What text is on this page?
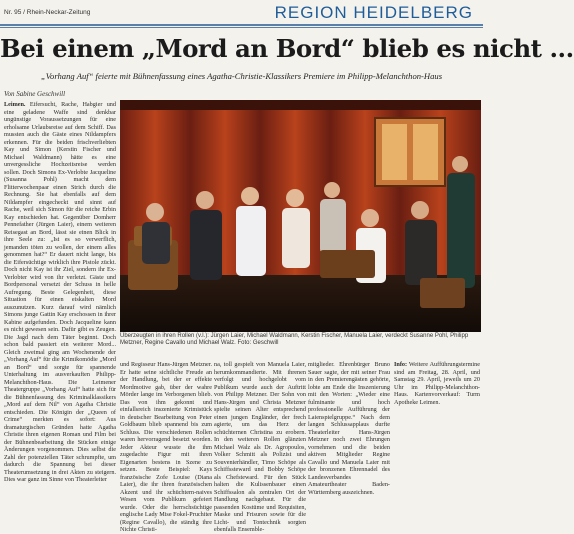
Nr. 95 / Rhein-Neckar-Zeitung	REGION HEIDELBERG
Bei einem „Mord an Bord“ blieb es nicht ...
„Vorhang Auf“ feierte mit Bühnenfassung eines Agatha-Christie-Klassikers Premiere im Philipp-Melanchthon-Haus
Von Sabine Geschwill

Leimen. Eifersucht, Rache, Habgier und eine geladene Waffe sind denkbar ungünstige Voraussetzungen für eine erholsame Urlaubsreise auf dem Schiff. Das mussten auch die Gäste eines Nildampfers erkennen. Für die beiden frischverliebten Kay und Simon (Kerstin Fischer und Michael Waldmann) hätte es eine unvergessliche Hochzeitsreise werden sollen. Doch Simons Ex-Verlobte Jacqueline (Susanna Pohl) macht dem Flitterwochenpaar einen Strich durch die Rechnung. Sie hat ebenfalls auf dem Nildampfer eingecheckt und sinnt auf Rache, weil sich Simon für die reiche Erbin Kay entschieden hat. Gegenüber Domherr Pennefather (Jürgen Laier), einem weiteren Reisegast an Bord, lässt sie einen Blick in ihre Seele zu: „Ist es so verwerflich, jemanden töten zu wollen, der einem alles genommen hat?“ Er dauert nicht lange, bis die Eifersüchtige wirklich ihre Pistole zückt. Doch nicht Kay ist ihr Ziel, sondern ihr Ex-Verlobter wird von ihr verletzt. Gäste und Bordpersonal versetzt der Schuss in helle Aufregung. Beste Gelegenheit, diese Situation für einen eiskalten Mord auszunutzen. Kurz darauf wird nämlich Simons junge Gattin Kay erschossen in ihrer Kabine aufgefunden. Doch Jacqueline kann es nicht gewesen sein. Dafür gibt es Zeugen. Die Jagd nach dem Täter beginnt. Doch schon bald passiert ein weiterer Mord... Gleich zweimal ging am Wochenende der „Vorhang Auf“ für die Krimikomödie „Mord an Bord“ und sorgte für spannende Unterhaltung im ausverkauften Philipp-Melanchthon-Haus. Die Leimener Theatergruppe „Vorhang Auf“ hatte sich für die Bühnenfassung des Kriminalklassikers „Mord auf dem Nil“ von Agatha Christie entschieden. Die Königin der „Queen of Crime“ merkten es sofort: Aus dramaturgischen Gründen hatte Agatha Christie ihren eigenen Roman und Film bei der Bühnenbearbeitung die Stücken einige Änderungen vorgenommen. Dies selbst die Zahl der potenziellen Täter schrumpfte, um dadurch die Spannung bei dieser Theaterumsetzung in drei Akten zu steigern. Dies war ganz im Sinne von Theaterleiter

Überzeugten in ihren Rollen (v.l.): Jürgen Laier, Michael Waldmann, Kerstin Fischer, Manuela Laier, verdeckt Susanne Pohl, Philipp Metzner, Regine Cavallo und Michael Walz. Foto: Geschwill

und Regisseur Hans-Jürgen Metzner. Er hatte seine sichtliche Freude an der Handlung, bei der er effekte Mordmotive gab, über der wahre Mörder lange im Verborgenen blieb. Das von ihm gekonnt und einfallsreich inszenierte Krimistück in deutscher Bearbeitung von Peter Goldbaum blieb spannend bis zum Schluss. Die verschiedenen Rollen waren hervorragend besetzt worden. Jeder Akteur wusste die ihm zugedachte Figur mit ihren Eigenarten bestens in Szene zu setzen. Beste Beispiel: Kays französische Zofe Louise (Diana Laier), die ihr ihren französischen Akzent und ihr schüchtern-naives Wesen vom Publikum gefeiert wurde. Oder die herrschsüchtige englische Lady Mise Fokel-Pruchiter (Regine Cavallo), die ständig ihre Nichte Christi-

na, toll gespielt von Manuela Laier, herumkommandierte. Mit ihrenen verfolgt und hochgelobt vom Publikum wurde auch der Auftritt von Philipp Metzner. Der Sohn von Hans-Jürgen und Christa Metzner spielte seinen Alter entsprechend einen jungen Engländer, der frech agierte, um das Herz der schüchternen Christina zu erobern. In den weiteren Rollen glänzten Michael Walz als Dr. Agropoulos, Volker Schmitt als Polizist und Souvenierhändler, Timo Schöpe als Schiffssteward und Bobby Schöpe als Chefsteward. Für den Stück halten die Kulissenbauer einen Schiffssalon als zentralen Ort der Handlung nachgebaut. Für die passenden Kostüme und Requisiten, Maske und Frisuren sowie für die Licht- und Tontechnik sorgten ebenfalls Ensemble-

mitglieder. Ehrenbürger Bruno Sauer sagte, der mit seiner Frau in den Premierengästen gehörte, lobte am Ende die Inszenierung mit den Worten: „Wieder eine fulminante und hoch professionelle Aufführung der Laienspielgruppe.“ Nach dem langen Schlussapplaus durfte Theaterleiter Hans-Jürgen Metzner noch zwei Ehrungen vornehmen und die beiden aktiven Mitglieder Regine Cavallo und Manuela Laier mit der bronzenen Ehrennadel des Landesverbandes Amateurtheater Baden-Württemberg auszeichnen.

Info: Weitere Aufführungstermine sind am Freitag, 28. April, und Samstag 29. April, jeweils um 20 Uhr im Philipp-Melanchthon-Haus. Kartenvorverkauf: Turm Apotheke Leimen.
